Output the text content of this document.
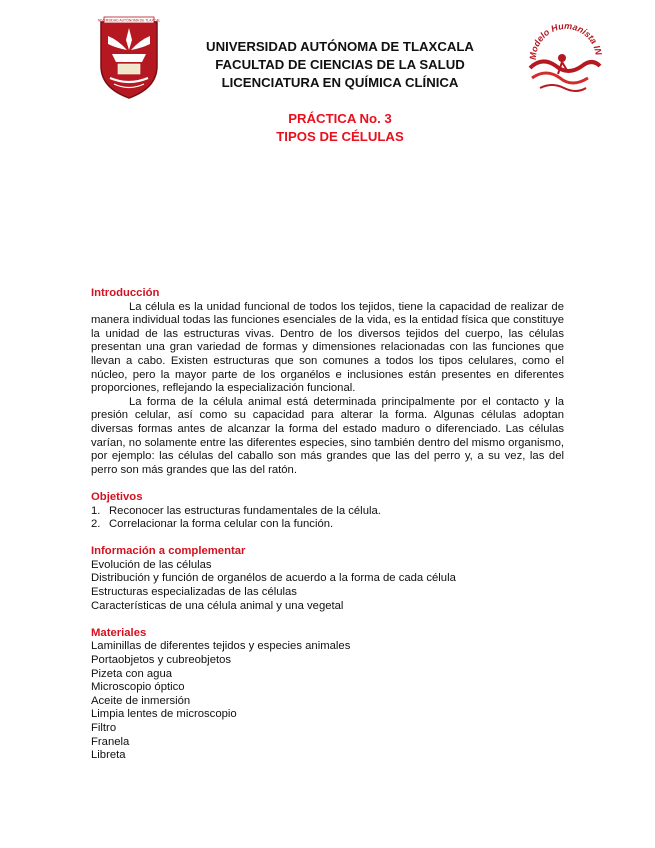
UNIVERSIDAD AUTÓNOMA DE TLAXCALA
UNIVERSIDAD AUTÓNOMA DE TLAXCALA
FACULTAD DE CIENCIAS DE LA SALUD
LICENCIATURA EN QUÍMICA CLÍNICA
Modelo Humanista IN
PRÁCTICA No. 3
TIPOS DE CÉLULAS
Introducción

La célula es la unidad funcional de todos los tejidos, tiene la capacidad de realizar de manera individual todas las funciones esenciales de la vida, es la entidad física que constituye la unidad de las estructuras vivas. Dentro de los diversos tejidos del cuerpo, las células presentan una gran variedad de formas y dimensiones relacionadas con las funciones que llevan a cabo. Existen estructuras que son comunes a todos los tipos celulares, como el núcleo, pero la mayor parte de los organélos e inclusiones están presentes en diferentes proporciones, reflejando la especialización funcional.

La forma de la célula animal está determinada principalmente por el contacto y la presión celular, así como su capacidad para alterar la forma. Algunas células adoptan diversas formas antes de alcanzar la forma del estado maduro o diferenciado. Las células varían, no solamente entre las diferentes especies, sino también dentro del mismo organismo, por ejemplo: las células del caballo son más grandes que las del perro y, a su vez, las del perro son más grandes que las del ratón.

Objetivos
1. Reconocer las estructuras fundamentales de la célula.
2. Correlacionar la forma celular con la función.
Información a complementar

Evolución de las células

Distribución y función de organélos de acuerdo a la forma de cada célula

Estructuras especializadas de las células

Características de una célula animal y una vegetal

Materiales

Laminillas de diferentes tejidos y especies animales

Portaobjetos y cubreobjetos

Pizeta con agua

Microscopio óptico

Aceite de inmersión

Limpia lentes de microscopio

Filtro

Franela

Libreta
